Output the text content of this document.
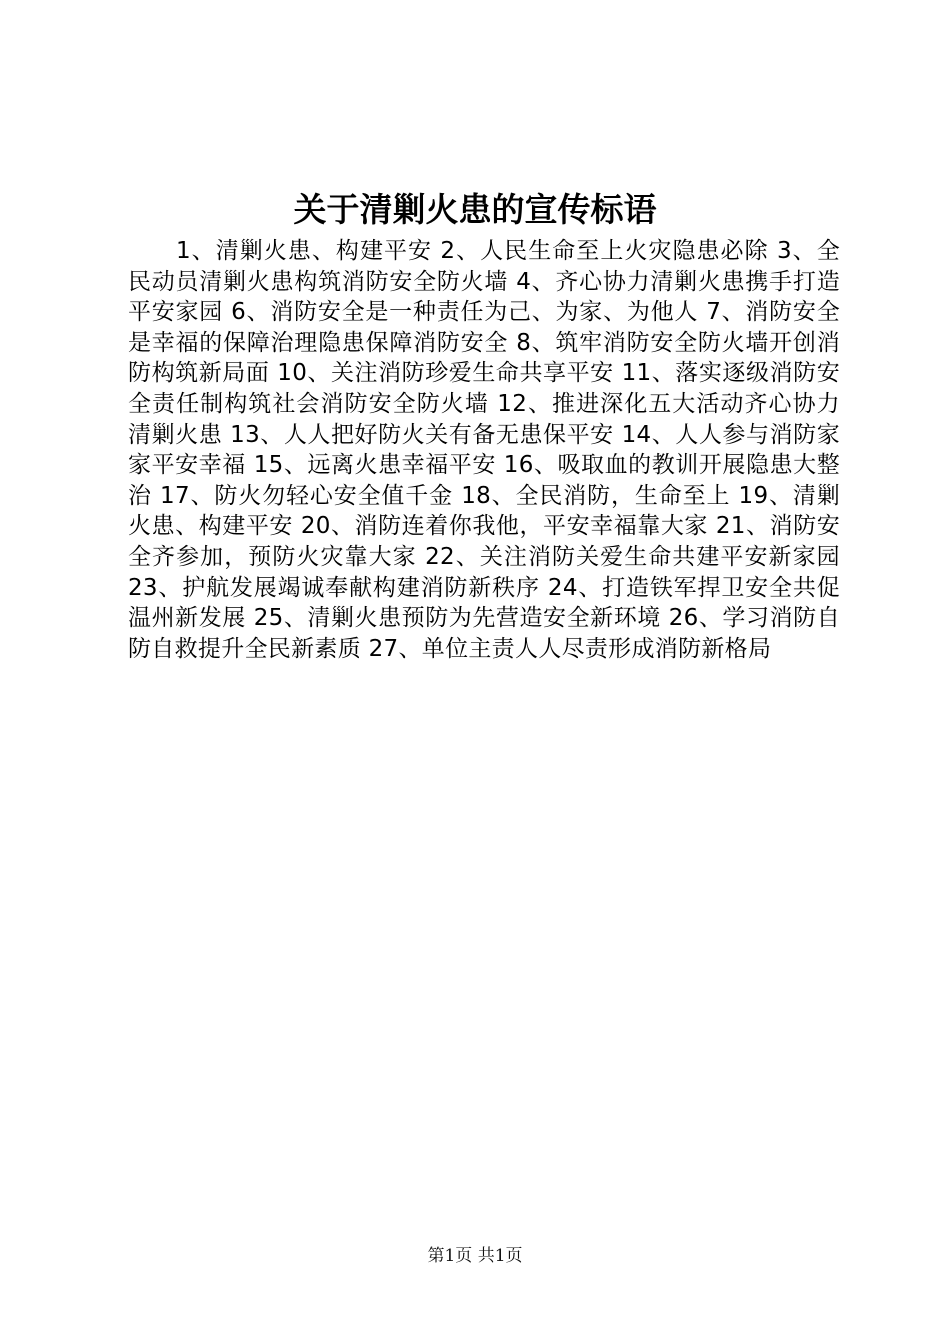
关于清剿火患的宣传标语

1、清剿火患、构建平安 2、人民生命至上火灾隐患必除 3、全民动员清剿火患构筑消防安全防火墙 4、齐心协力清剿火患携手打造平安家园 6、消防安全是一种责任为己、为家、为他人 7、消防安全是幸福的保障治理隐患保障消防安全 8、筑牢消防安全防火墙开创消防构筑新局面 10、关注消防珍爱生命共享平安 11、落实逐级消防安全责任制构筑社会消防安全防火墙 12、推进深化五大活动齐心协力清剿火患 13、人人把好防火关有备无患保平安 14、人人参与消防家家平安幸福 15、远离火患幸福平安 16、吸取血的教训开展隐患大整治 17、防火勿轻心安全值千金 18、全民消防，生命至上 19、清剿火患、构建平安 20、消防连着你我他，平安幸福靠大家 21、消防安全齐参加，预防火灾靠大家 22、关注消防关爱生命共建平安新家园 23、护航发展竭诚奉献构建消防新秩序 24、打造铁军捍卫安全共促温州新发展 25、清剿火患预防为先营造安全新环境 26、学习消防自防自救提升全民新素质 27、单位主责人人尽责形成消防新格局

第1页 共1页
